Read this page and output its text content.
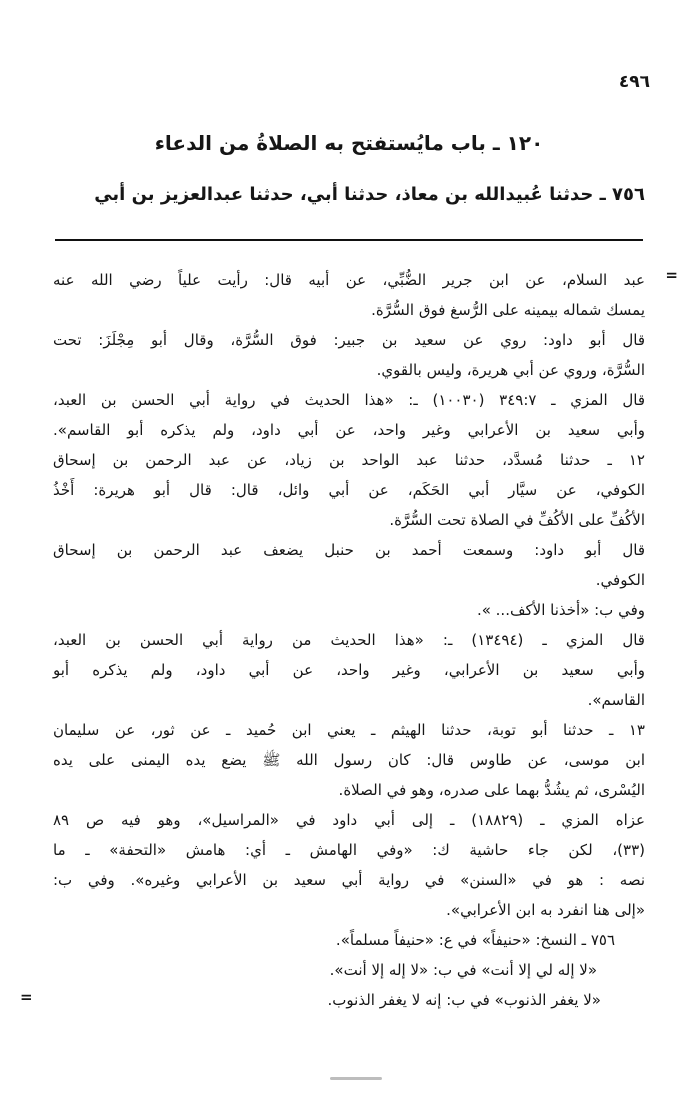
٤٩٦
١٢٠ ـ باب مايُستفتح به الصلاةُ من الدعاء

٧٥٦ ـ حدثنا عُبيدالله بن معاذ، حدثنا أبي، حدثنا عبدالعزيز بن أبي

=
عبد السلام، عن ابن جرير الضُّبِّي، عن أبيه قال: رأيت علياً رضي الله عنه
يمسك شماله بيمينه على الرُّسغ فوق السُّرَّة.
قال أبو داود: روي عن سعيد بن جبير: فوق السُّرَّة، وقال أبو مِجْلَزَ: تحت
السُّرَّة، وروي عن أبي هريرة، وليس بالقوي.
قال المزي ـ ٣٤٩:٧ (١٠٠٣٠) ـ: «هذا الحديث في رواية أبي الحسن بن العبد،
وأبي سعيد بن الأعرابي وغير واحد، عن أبي داود، ولم يذكره أبو القاسم».
١٢ ـ حدثنا مُسدَّد، حدثنا عبد الواحد بن زياد، عن عبد الرحمن بن إسحاق
الكوفي، عن سيَّار أبي الحَكَم، عن أبي وائل، قال: قال أبو هريرة: أَخْذُ
الأكُفِّ على الأكُفِّ في الصلاة تحت السُّرَّة.
قال أبو داود: وسمعت أحمد بن حنبل يضعف عبد الرحمن بن إسحاق
الكوفي.
وفي ب: «أخذنا الأكف... ».
قال المزي ـ (١٣٤٩٤) ـ: «هذا الحديث من رواية أبي الحسن بن العبد،
وأبي سعيد بن الأعرابي، وغير واحد، عن أبي داود، ولم يذكره أبو
القاسم».
١٣ ـ حدثنا أبو توبة، حدثنا الهيثم ـ يعني ابن حُميد ـ عن ثور، عن سليمان
ابن موسى، عن طاوس قال: كان رسول الله ﷺ يضع يده اليمنى على يده
اليُسْرى، ثم يشُدُّ بهما على صدره، وهو في الصلاة.
عزاه المزي ـ (١٨٨٢٩) ـ إلى أبي داود في «المراسيل»، وهو فيه ص ٨٩
(٣٣)، لكن جاء حاشية ك: «وفي الهامش ـ أي: هامش «التحفة» ـ ما
نصه : هو في «السنن» في رواية أبي سعيد بن الأعرابي وغيره». وفي ب:
«إلى هنا انفرد به ابن الأعرابي».
٧٥٦ ـ النسخ: «حنيفاً» في ع: «حنيفاً مسلماً».
«لا إله لي إلا أنت» في ب: «لا إله إلا أنت».
«لا يغفر الذنوب» في ب: إنه لا يغفر الذنوب.
=
